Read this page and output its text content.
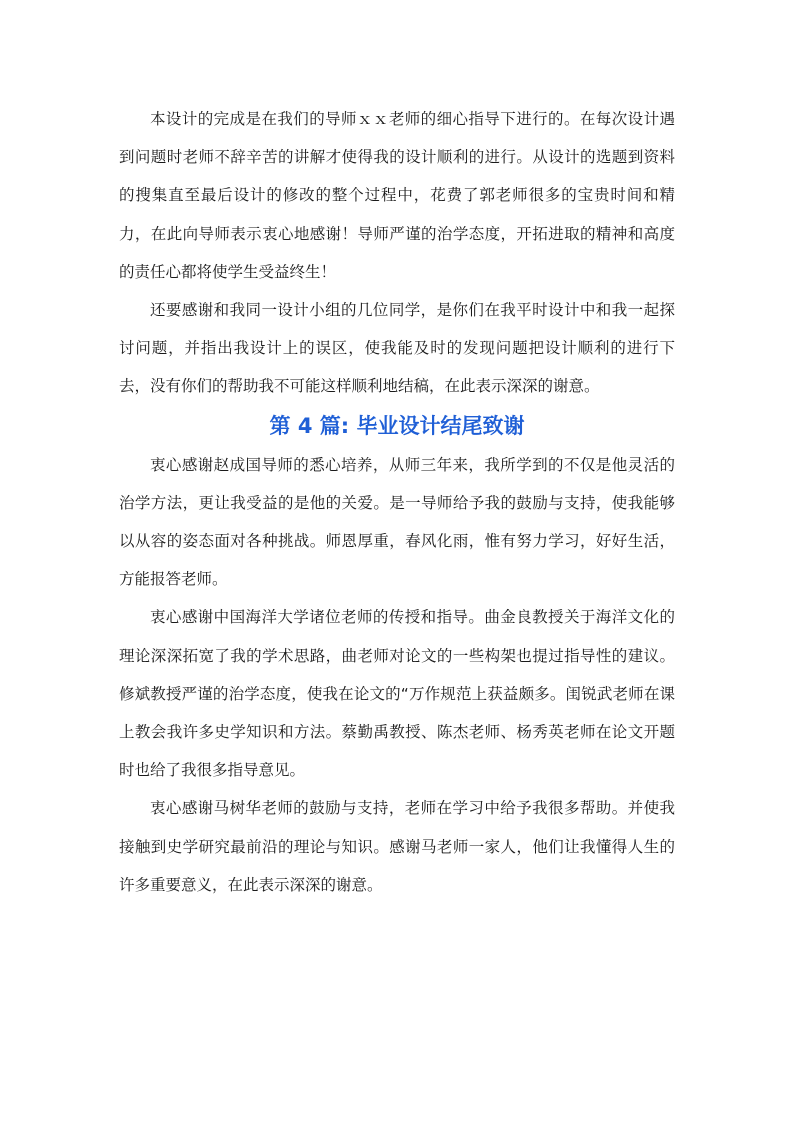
本设计的完成是在我们的导师ｘｘ老师的细心指导下进行的。在每次设计遇到问题时老师不辞辛苦的讲解才使得我的设计顺利的进行。从设计的选题到资料的搜集直至最后设计的修改的整个过程中，花费了郭老师很多的宝贵时间和精力，在此向导师表示衷心地感谢！导师严谨的治学态度，开拓进取的精神和高度的责任心都将使学生受益终生！

还要感谢和我同一设计小组的几位同学，是你们在我平时设计中和我一起探讨问题，并指出我设计上的误区，使我能及时的发现问题把设计顺利的进行下去，没有你们的帮助我不可能这样顺利地结稿，在此表示深深的谢意。

第 4 篇: 毕业设计结尾致谢

衷心感谢赵成国导师的悉心培养，从师三年来，我所学到的不仅是他灵活的治学方法，更让我受益的是他的关爱。是一导师给予我的鼓励与支持，使我能够以从容的姿态面对各种挑战。师恩厚重，春风化雨，惟有努力学习，好好生活，方能报答老师。

衷心感谢中国海洋大学诸位老师的传授和指导。曲金良教授关于海洋文化的理论深深拓宽了我的学术思路，曲老师对论文的一些构架也提过指导性的建议。修斌教授严谨的治学态度，使我在论文的“万作规范上获益颇多。闺锐武老师在课上教会我许多史学知识和方法。蔡勤禹教授、陈杰老师、杨秀英老师在论文开题时也给了我很多指导意见。

衷心感谢马树华老师的鼓励与支持，老师在学习中给予我很多帮助。并使我接触到史学研究最前沿的理论与知识。感谢马老师一家人，他们让我懂得人生的许多重要意义，在此表示深深的谢意。
